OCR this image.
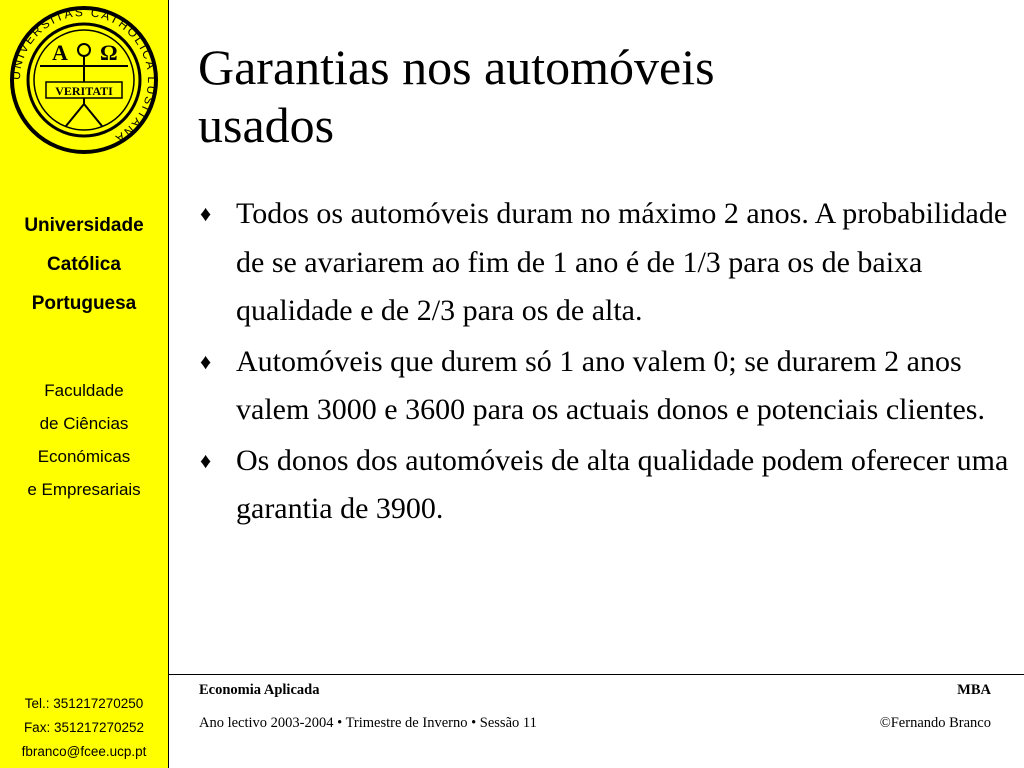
A Ω
VERITATI
UNIVERSITAS CATHOLICA LUSITANA
Universidade
Católica
Portuguesa
Faculdade
de Ciências
Económicas
e Empresariais
Tel.: 351217270250
Fax: 351217270252
fbranco@fcee.ucp.pt
Garantias nos automóveis
usados
♦ Todos os automóveis duram no máximo 2 anos. A probabilidade de se avariarem ao fim de 1 ano é de 1/3 para os de baixa qualidade e de 2/3 para os de alta.
♦ Automóveis que durem só 1 ano valem 0; se durarem 2 anos valem 3000 e 3600 para os actuais donos e potenciais clientes.
♦ Os donos dos automóveis de alta qualidade podem oferecer uma garantia de 3900.
Economia Aplicada	MBA
Ano lectivo 2003-2004 • Trimestre de Inverno • Sessão 11	©Fernando Branco
